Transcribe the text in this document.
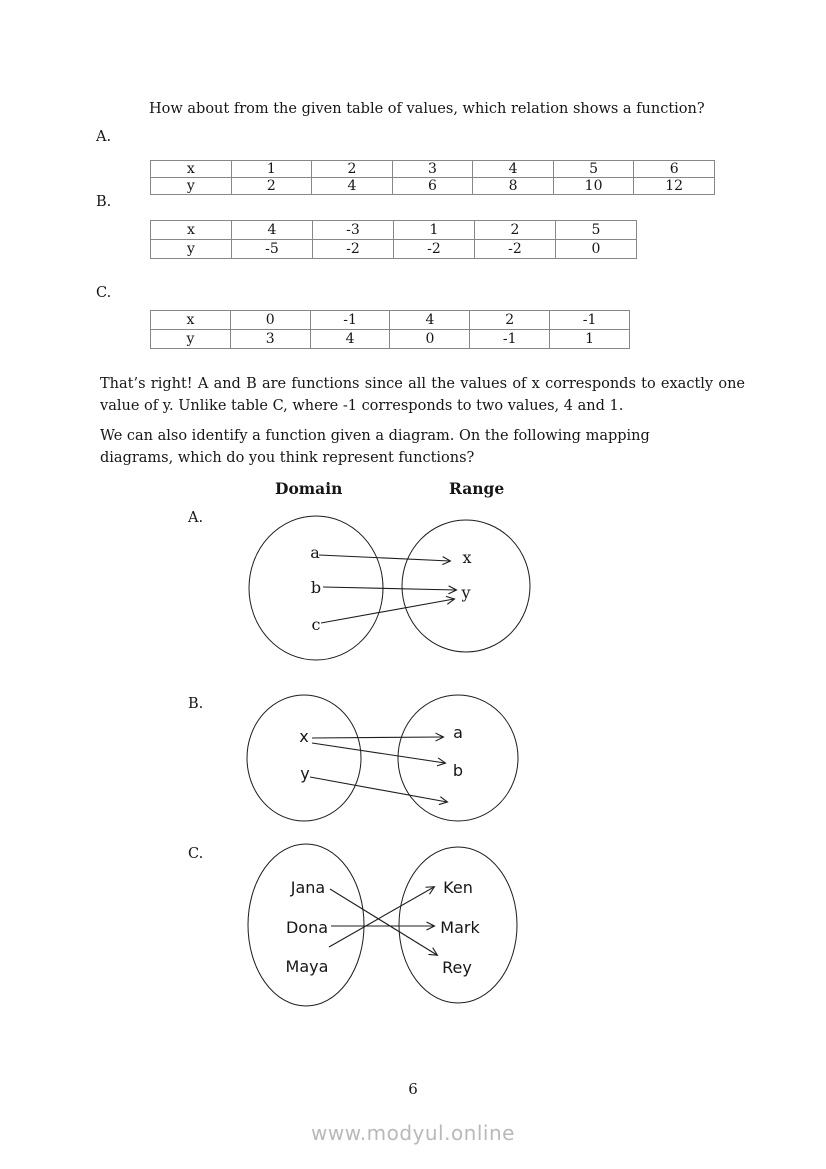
How about from the given table of values, which relation shows a function?
A.
x	1	2	3	4	5	6
y	2	4	6	8	10	12
B.
x	4	-3	1	2	5
y	-5	-2	-2	-2	0
C.
x	0	-1	4	2	-1
y	3	4	0	-1	1

That’s right! A and B are functions since all the values of x corresponds to exactly one value of y. Unlike table C, where -1 corresponds to two values, 4 and 1.

We can also identify a function given a diagram. On the following mapping diagrams, which do you think represent functions?

Domain	Range
A.
a
b
c
x
y
B.
x
y
a
b
C.
Jana
Dona
Maya
Ken
Mark
Rey
6
www.modyul.online
